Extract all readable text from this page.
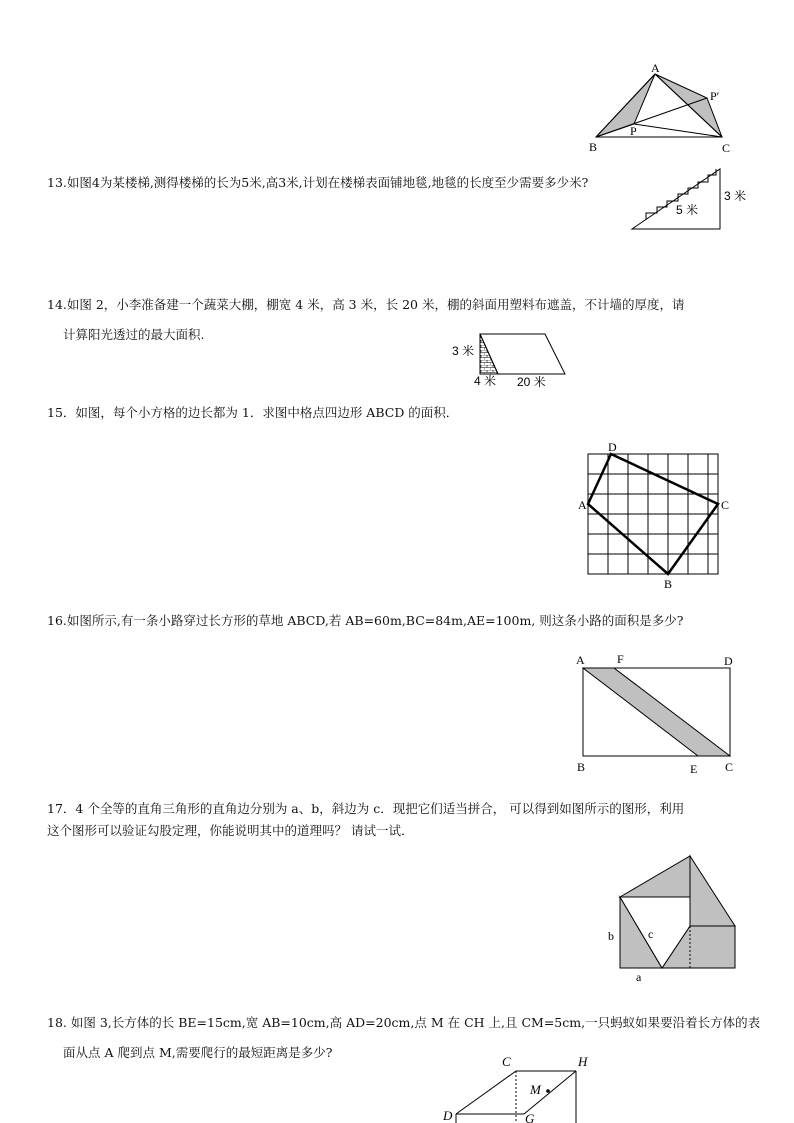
A
P′
P
B	C
13.如图4为某楼梯,测得楼梯的长为5米,高3米,计划在楼梯表面铺地毯,地毯的长度至少需要多少米?
3 米
5 米
14.如图 2，小李准备建一个蔬菜大棚，棚宽 4 米，高 3 米，长 20 米，棚的斜面用塑料布遮盖，不计墙的厚度，请
计算阳光透过的最大面积.
3 米
4 米 20 米
15．如图，每个小方格的边长都为 1．求图中格点四边形 ABCD 的面积．
D
A	C
B
16.如图所示,有一条小路穿过长方形的草地 ABCD,若 AB=60m,BC=84m,AE=100m, 则这条小路的面积是多少?
A	F	D
B	E C
17．4 个全等的直角三角形的直角边分别为 a、b，斜边为 c．现把它们适当拼合， 可以得到如图所示的图形，利用
这个图形可以验证勾股定理，你能说明其中的道理吗？ 请试一试．
b	c
a
18. 如图 3,长方体的长 BE=15cm,宽 AB=10cm,高 AD=20cm,点 M 在 CH 上,且 CM=5cm,一只蚂蚁如果要沿着长方体的表
面从点 A 爬到点 M,需要爬行的最短距离是多少?
C	H
M
D	G
